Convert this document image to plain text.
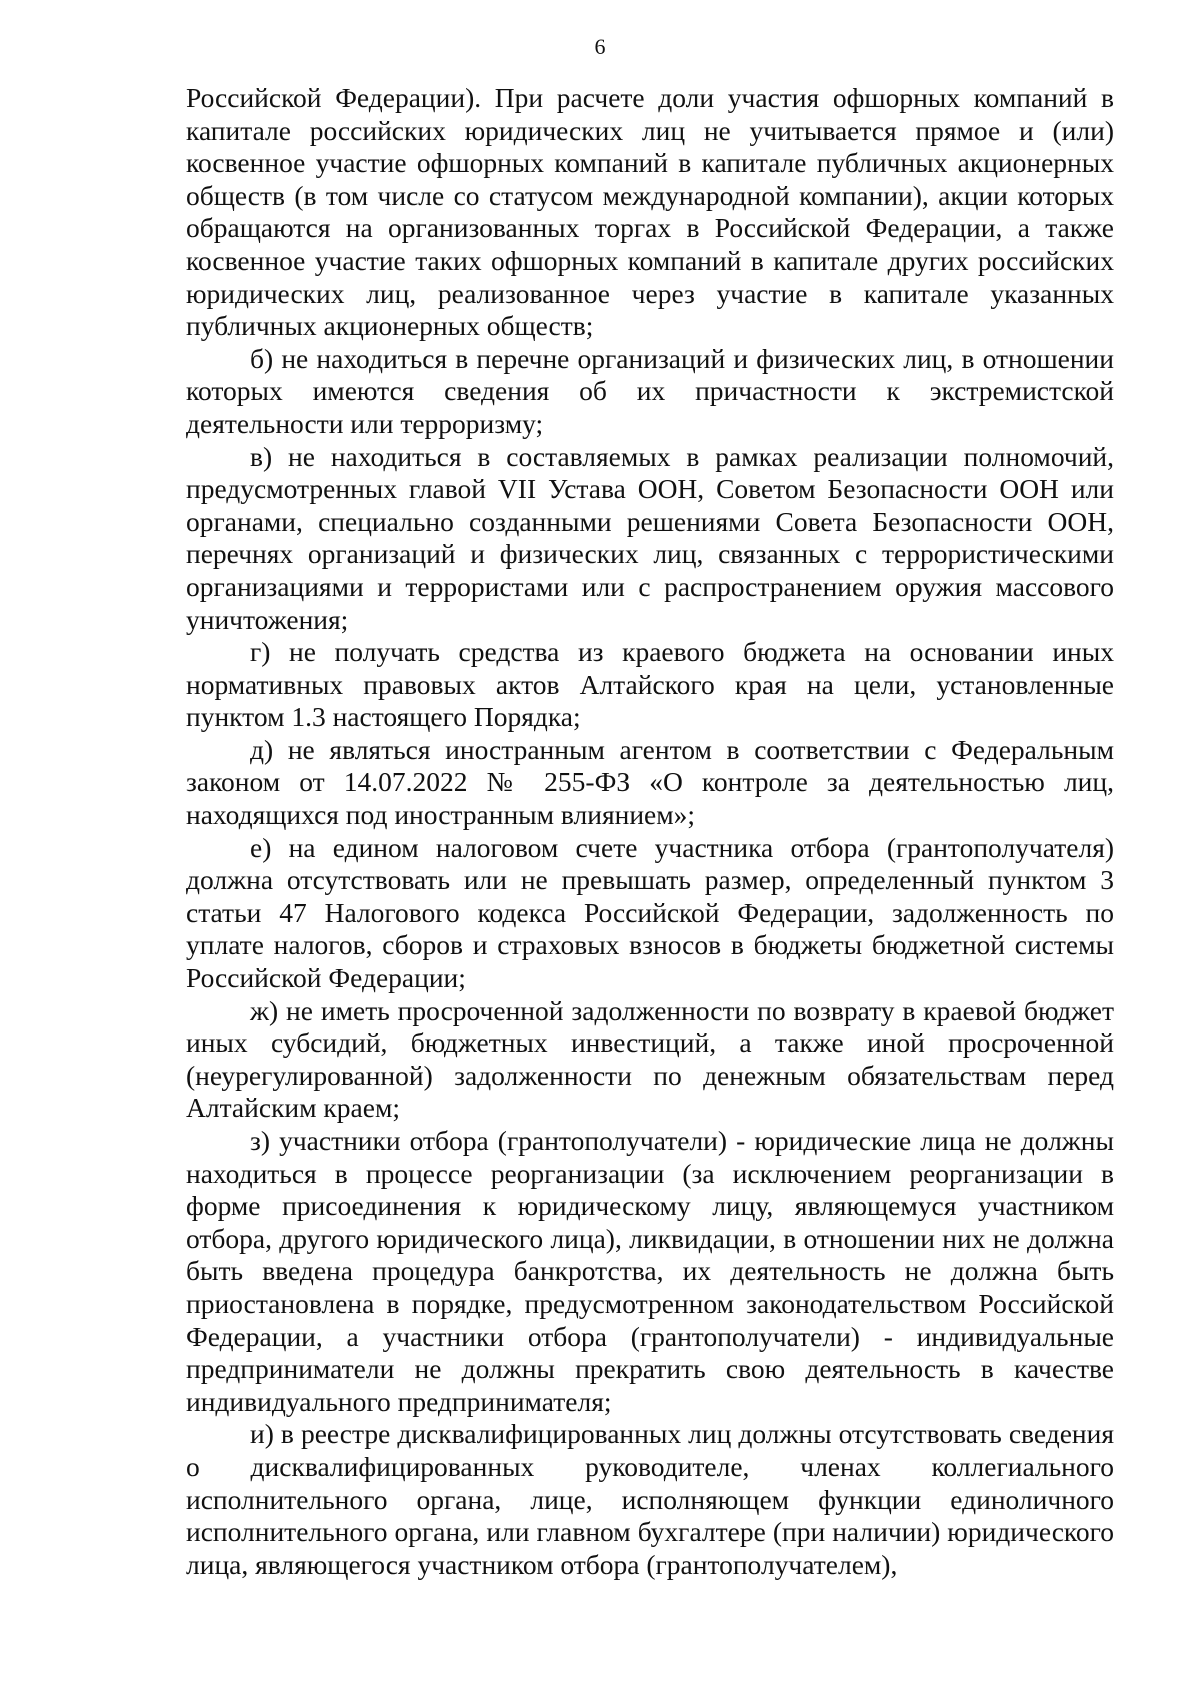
6

Российской Федерации). При расчете доли участия офшорных компаний в капитале российских юридических лиц не учитывается прямое и (или) косвенное участие офшорных компаний в капитале публичных акционерных обществ (в том числе со статусом международной компании), акции которых обращаются на организованных торгах в Российской Федерации, а также косвенное участие таких офшорных компаний в капитале других российских юридических лиц, реализованное через участие в капитале указанных публичных акционерных обществ;

б) не находиться в перечне организаций и физических лиц, в отношении которых имеются сведения об их причастности к экстремистской деятельности или терроризму;

в) не находиться в составляемых в рамках реализации полномочий, предусмотренных главой VII Устава ООН, Советом Безопасности ООН или органами, специально созданными решениями Совета Безопасности ООН, перечнях организаций и физических лиц, связанных с террористическими организациями и террористами или с распространением оружия массового уничтожения;

г) не получать средства из краевого бюджета на основании иных нормативных правовых актов Алтайского края на цели, установленные пунктом 1.3 настоящего Порядка;

д) не являться иностранным агентом в соответствии с Федеральным законом от 14.07.2022 № 255-ФЗ «О контроле за деятельностью лиц, находящихся под иностранным влиянием»;

е) на едином налоговом счете участника отбора (грантополучателя) должна отсутствовать или не превышать размер, определенный пунктом 3 статьи 47 Налогового кодекса Российской Федерации, задолженность по уплате налогов, сборов и страховых взносов в бюджеты бюджетной системы Российской Федерации;

ж) не иметь просроченной задолженности по возврату в краевой бюджет иных субсидий, бюджетных инвестиций, а также иной просроченной (неурегулированной) задолженности по денежным обязательствам перед Алтайским краем;

з) участники отбора (грантополучатели) - юридические лица не должны находиться в процессе реорганизации (за исключением реорганизации в форме присоединения к юридическому лицу, являющемуся участником отбора, другого юридического лица), ликвидации, в отношении них не должна быть введена процедура банкротства, их деятельность не должна быть приостановлена в порядке, предусмотренном законодательством Российской Федерации, а участники отбора (грантополучатели) - индивидуальные предприниматели не должны прекратить свою деятельность в качестве индивидуального предпринимателя;

и) в реестре дисквалифицированных лиц должны отсутствовать сведения о дисквалифицированных руководителе, членах коллегиального исполнительного органа, лице, исполняющем функции единоличного исполнительного органа, или главном бухгалтере (при наличии) юридического лица, являющегося участником отбора (грантополучателем),
